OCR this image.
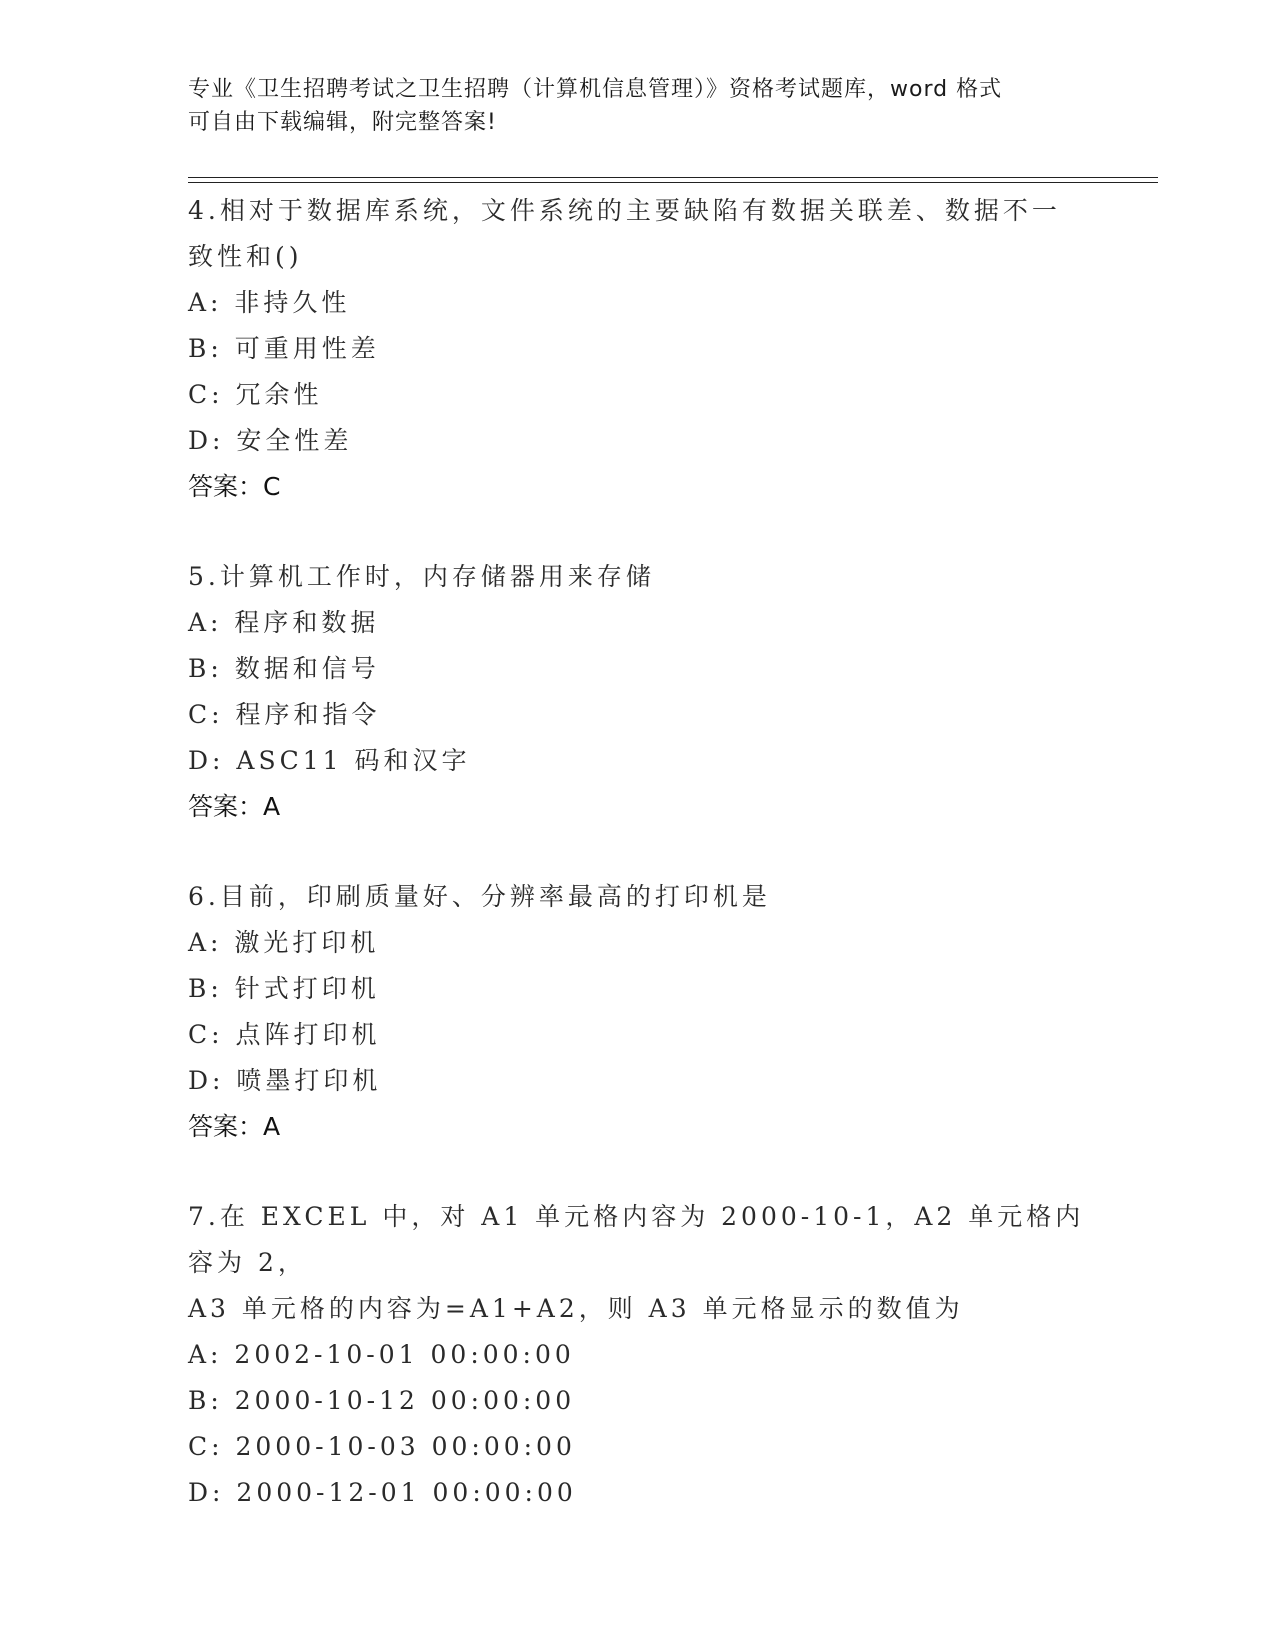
专业《卫生招聘考试之卫生招聘（计算机信息管理）》资格考试题库，word 格式
可自由下载编辑，附完整答案!
4.相对于数据库系统，文件系统的主要缺陷有数据关联差、数据不一
致性和()
A: 非持久性
B: 可重用性差
C: 冗余性
D: 安全性差
答案：C
5.计算机工作时，内存储器用来存储
A: 程序和数据
B: 数据和信号
C: 程序和指令
D: ASC11 码和汉字
答案：A
6.目前，印刷质量好、分辨率最高的打印机是
A: 激光打印机
B: 针式打印机
C: 点阵打印机
D: 喷墨打印机
答案：A
7.在 EXCEL 中，对 A1 单元格内容为 2000-10-1，A2 单元格内容为 2，
A3 单元格的内容为=A1+A2，则 A3 单元格显示的数值为
A: 2002-10-01 00:00:00
B: 2000-10-12 00:00:00
C: 2000-10-03 00:00:00
D: 2000-12-01 00:00:00
